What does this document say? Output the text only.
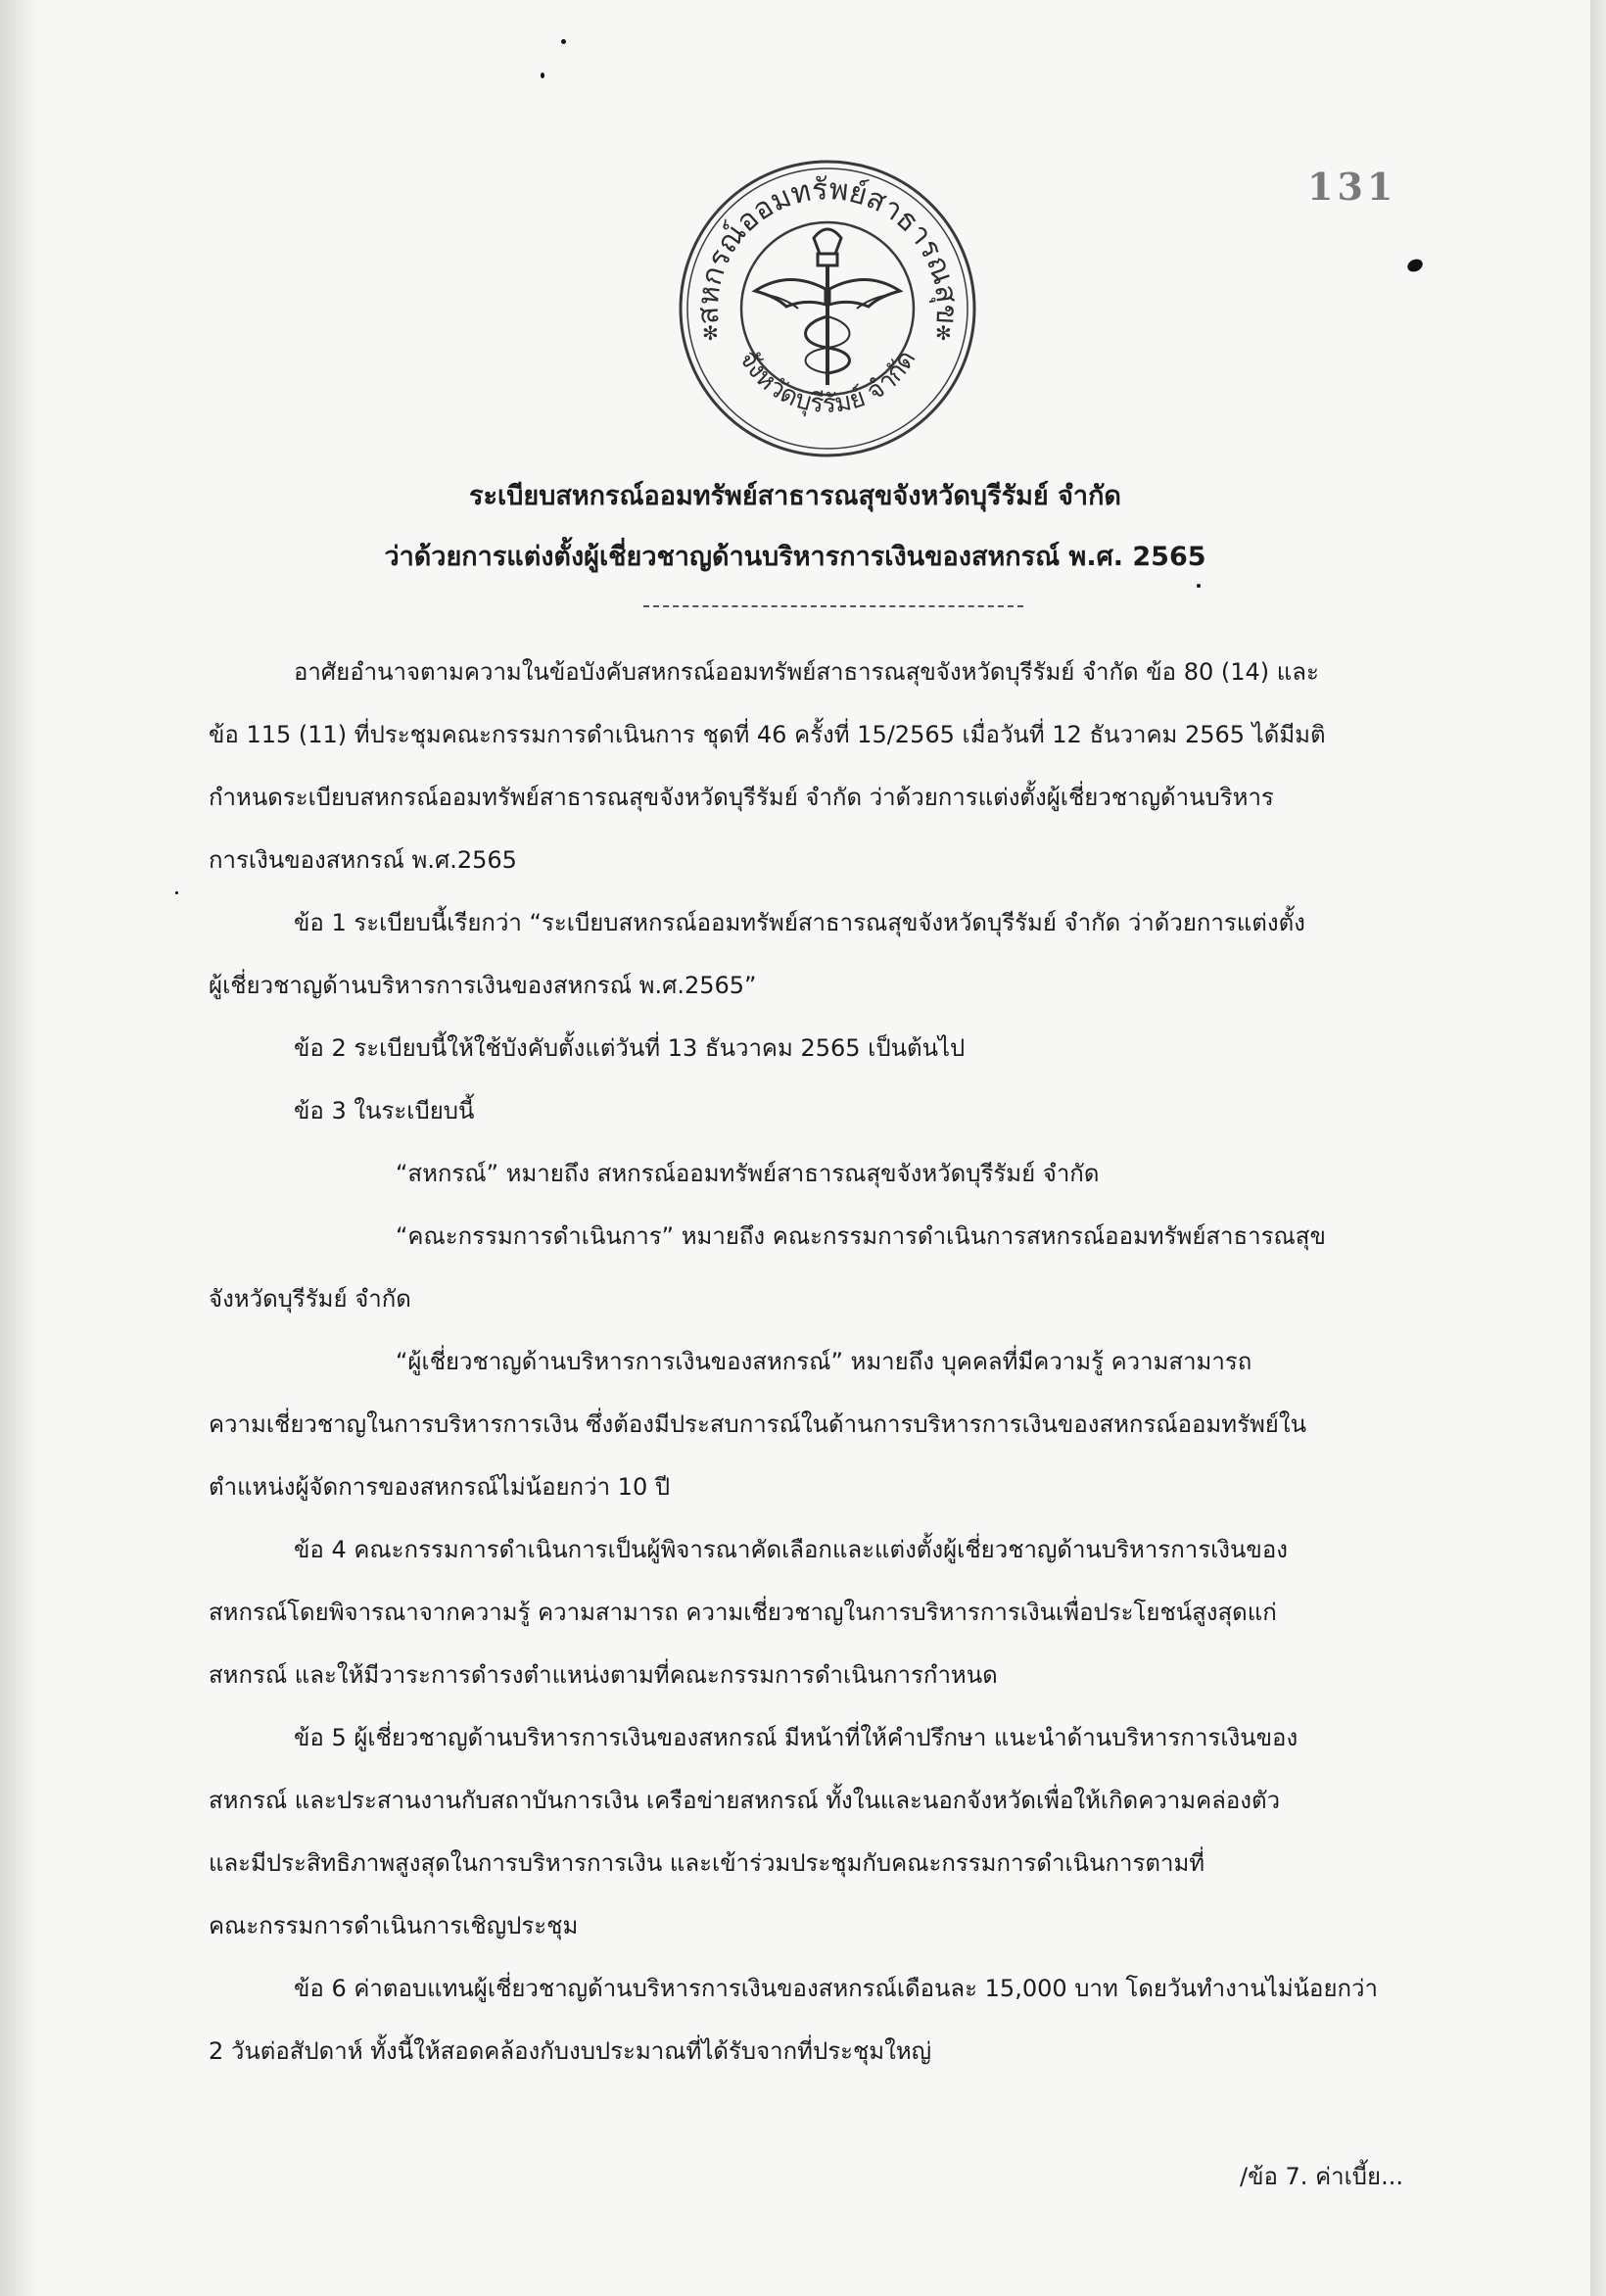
131
สหกรณ์ออมทรัพย์สาธารณสุข
จังหวัดบุรีรัมย์ จำกัด
✻	✻
ระเบียบสหกรณ์ออมทรัพย์สาธารณสุขจังหวัดบุรีรัมย์ จำกัด
ว่าด้วยการแต่งตั้งผู้เชี่ยวชาญด้านบริหารการเงินของสหกรณ์ พ.ศ. 2565
อาศัยอำนาจตามความในข้อบังคับสหกรณ์ออมทรัพย์สาธารณสุขจังหวัดบุรีรัมย์ จำกัด ข้อ 80 (14) และ
ข้อ 115 (11) ที่ประชุมคณะกรรมการดำเนินการ ชุดที่ 46 ครั้งที่ 15/2565 เมื่อวันที่ 12 ธันวาคม 2565 ได้มีมติ
กำหนดระเบียบสหกรณ์ออมทรัพย์สาธารณสุขจังหวัดบุรีรัมย์ จำกัด ว่าด้วยการแต่งตั้งผู้เชี่ยวชาญด้านบริหาร
การเงินของสหกรณ์ พ.ศ.2565
ข้อ 1 ระเบียบนี้เรียกว่า “ระเบียบสหกรณ์ออมทรัพย์สาธารณสุขจังหวัดบุรีรัมย์ จำกัด ว่าด้วยการแต่งตั้ง
ผู้เชี่ยวชาญด้านบริหารการเงินของสหกรณ์ พ.ศ.2565”
ข้อ 2 ระเบียบนี้ให้ใช้บังคับตั้งแต่วันที่ 13 ธันวาคม 2565 เป็นต้นไป
ข้อ 3 ในระเบียบนี้
“สหกรณ์” หมายถึง สหกรณ์ออมทรัพย์สาธารณสุขจังหวัดบุรีรัมย์ จำกัด
“คณะกรรมการดำเนินการ” หมายถึง คณะกรรมการดำเนินการสหกรณ์ออมทรัพย์สาธารณสุข
จังหวัดบุรีรัมย์ จำกัด
“ผู้เชี่ยวชาญด้านบริหารการเงินของสหกรณ์” หมายถึง บุคคลที่มีความรู้ ความสามารถ
ความเชี่ยวชาญในการบริหารการเงิน ซึ่งต้องมีประสบการณ์ในด้านการบริหารการเงินของสหกรณ์ออมทรัพย์ใน
ตำแหน่งผู้จัดการของสหกรณ์ไม่น้อยกว่า 10 ปี
ข้อ 4 คณะกรรมการดำเนินการเป็นผู้พิจารณาคัดเลือกและแต่งตั้งผู้เชี่ยวชาญด้านบริหารการเงินของ
สหกรณ์โดยพิจารณาจากความรู้ ความสามารถ ความเชี่ยวชาญในการบริหารการเงินเพื่อประโยชน์สูงสุดแก่
สหกรณ์ และให้มีวาระการดำรงตำแหน่งตามที่คณะกรรมการดำเนินการกำหนด
ข้อ 5 ผู้เชี่ยวชาญด้านบริหารการเงินของสหกรณ์ มีหน้าที่ให้คำปรึกษา แนะนำด้านบริหารการเงินของ
สหกรณ์ และประสานงานกับสถาบันการเงิน เครือข่ายสหกรณ์ ทั้งในและนอกจังหวัดเพื่อให้เกิดความคล่องตัว
และมีประสิทธิภาพสูงสุดในการบริหารการเงิน และเข้าร่วมประชุมกับคณะกรรมการดำเนินการตามที่
คณะกรรมการดำเนินการเชิญประชุม
ข้อ 6 ค่าตอบแทนผู้เชี่ยวชาญด้านบริหารการเงินของสหกรณ์เดือนละ 15,000 บาท โดยวันทำงานไม่น้อยกว่า
2 วันต่อสัปดาห์ ทั้งนี้ให้สอดคล้องกับงบประมาณที่ได้รับจากที่ประชุมใหญ่
/ข้อ 7. ค่าเบี้ย...
